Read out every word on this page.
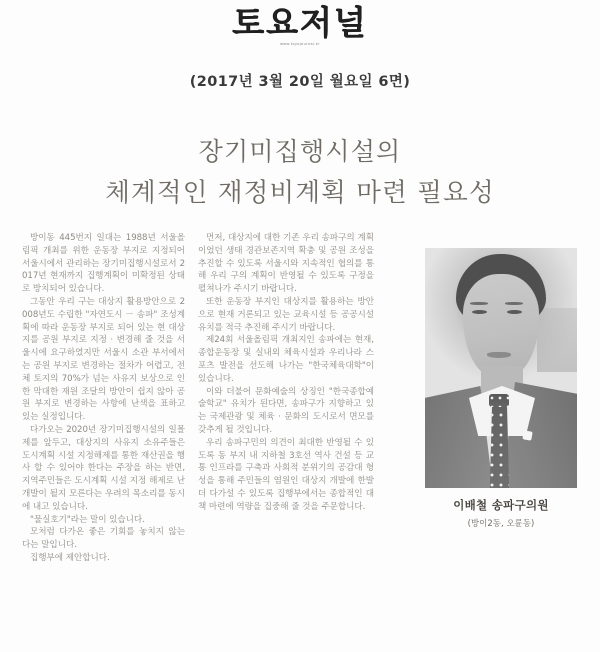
토요저널
www.toyojournal.kr
(2017년 3월 20일 월요일 6면)
장기미집행시설의
체계적인 재정비계획 마련 필요성

방이동 445번지 일대는 1988년 서울올림픽 개최를 위한 운동장 부지로 지정되어 서울시에서 관리하는 장기미집행시설로서 2017년 현재까지 집행계획이 미확정된 상태로 방치되어 있습니다.

그동안 우리 구는 대상지 활용방안으로 2008년도 수립한 "자연도시 － 송파" 조성계획에 따라 운동장 부지로 되어 있는 현 대상지를 공원 부지로 지정 · 변경해 줄 것을 서울시에 요구하였지만 서울시 소관 부서에서는 공원 부지로 변경하는 절차가 어렵고, 전체 토지의 70%가 넘는 사유지 보상으로 인한 막대한 재원 조달의 방안이 쉽지 않아 공원 부지로 변경하는 사항에 난색을 표하고 있는 실정입니다.

다가오는 2020년 장기미집행시설의 일몰제를 앞두고, 대상지의 사유지 소유주들은 도시계획 시설 지정해제를 통한 재산권을 행사 할 수 있어야 한다는 주장을 하는 반면, 지역주민들은 도시계획 시설 지정 해제로 난개발이 될지 모른다는 우려의 목소리를 동시에 내고 있습니다.

"물실호기"라는 말이 있습니다.

모처럼 다가온 좋은 기회를 놓치지 않는 다는 말입니다.

집행부에 제안합니다.

먼저, 대상지에 대한 기존 우리 송파구의 계획이었던 생태 경관보존지역 확충 및 공원 조성을 추진할 수 있도록 서울시와 지속적인 협의를 통해 우리 구의 계획이 반영될 수 있도록 구정을 펼쳐나가 주시기 바랍니다.

또한 운동장 부지인 대상지를 활용하는 방안으로 현재 거론되고 있는 교육시설 등 공공시설 유치를 적극 추진해 주시기 바랍니다.

제24회 서울올림픽 개최지인 송파에는 현재, 종합운동장 및 실내외 체육시설과 우리나라 스포츠 발전을 선도해 나가는 "한국체육대학"이 있습니다.

이와 더불어 문화예술의 상징인 "한국종합예술학교" 유치가 된다면, 송파구가 지향하고 있는 국제관광 및 체육 · 문화의 도시로서 면모를 갖추게 될 것입니다.

우리 송파구민의 의견이 최대한 반영될 수 있도록 동 부지 내 지하철 3호선 역사 건설 등 교통 인프라를 구축과 사회적 분위기의 공감대 형성을 통해 주민들의 염원인 대상지 개발에 한발 더 다가설 수 있도록 집행부에서는 종합적인 대책 마련에 역량을 집중해 줄 것을 주문합니다.	이배철 송파구의원
(방이2동, 오륜동)
